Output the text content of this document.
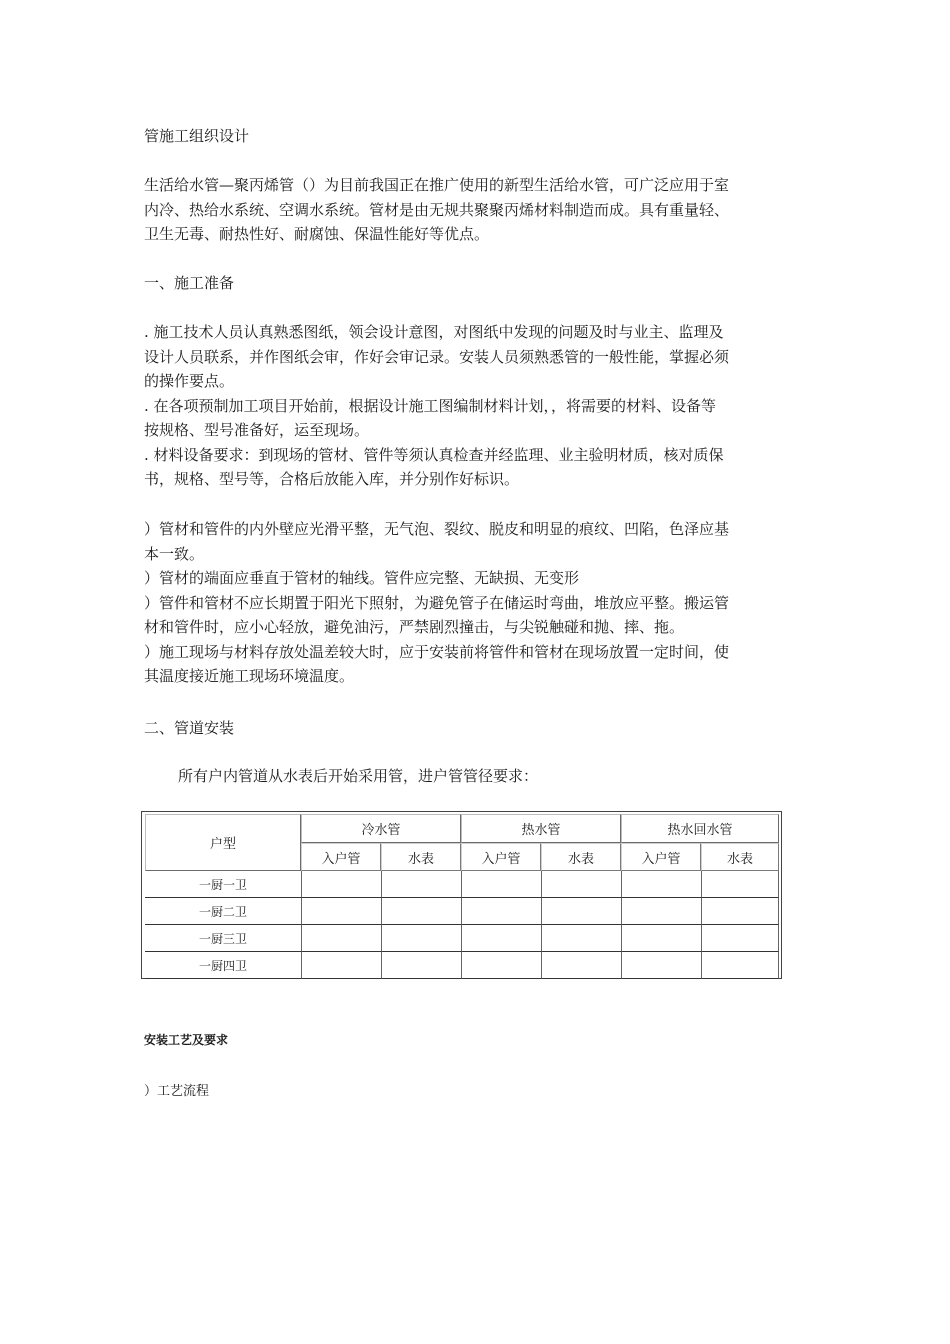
管施工组织设计

生活给水管—聚丙烯管（）为目前我国正在推广使用的新型生活给水管，可广泛应用于室
内冷、热给水系统、空调水系统。管材是由无规共聚聚丙烯材料制造而成。具有重量轻、
卫生无毒、耐热性好、耐腐蚀、保温性能好等优点。

一、施工准备

. 施工技术人员认真熟悉图纸，领会设计意图，对图纸中发现的问题及时与业主、监理及
设计人员联系，并作图纸会审，作好会审记录。安装人员须熟悉管的一般性能，掌握必须
的操作要点。
. 在各项预制加工项目开始前，根据设计施工图编制材料计划，，将需要的材料、设备等
按规格、型号准备好，运至现场。
. 材料设备要求：到现场的管材、管件等须认真检查并经监理、业主验明材质，核对质保
书，规格、型号等，合格后放能入库，并分别作好标识。

）管材和管件的内外壁应光滑平整，无气泡、裂纹、脱皮和明显的痕纹、凹陷，色泽应基
本一致。
）管材的端面应垂直于管材的轴线。管件应完整、无缺损、无变形
）管件和管材不应长期置于阳光下照射，为避免管子在储运时弯曲，堆放应平整。搬运管
材和管件时，应小心轻放，避免油污，严禁剧烈撞击，与尖锐触碰和抛、摔、拖。
）施工现场与材料存放处温差较大时，应于安装前将管件和管材在现场放置一定时间，使
其温度接近施工现场环境温度。

二、管道安装

所有户内管道从水表后开始采用管，进户管管径要求：

户型	冷水管		热水管		热水回水管	
	入户管	水表	入户管	水表	入户管	水表
一厨一卫						
一厨二卫						
一厨三卫						
一厨四卫						

安装工艺及要求

）工艺流程
